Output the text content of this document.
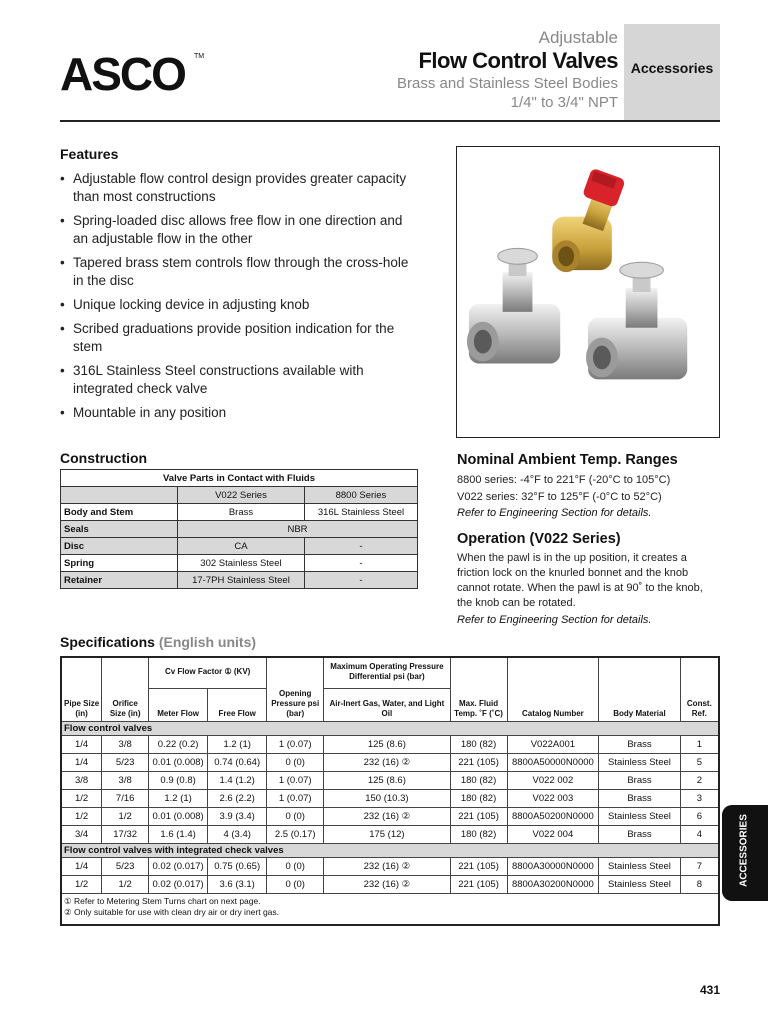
ASCO TM
Adjustable
Flow Control Valves
Brass and Stainless Steel Bodies
1/4" to 3/4" NPT
Accessories
Features
• Adjustable flow control design provides greater capacity than most constructions
• Spring-loaded disc allows free flow in one direction and an adjustable flow in the other
• Tapered brass stem controls flow through the cross-hole in the disc
• Unique locking device in adjusting knob
• Scribed graduations provide position indication for the stem
• 316L Stainless Steel constructions available with integrated check valve
• Mountable in any position
Construction
Valve Parts in Contact with Fluids		
	V022 Series	8800 Series
Body and Stem	Brass	316L Stainless Steel
Seals	NBR	
Disc	CA	-
Spring	302 Stainless Steel	-
Retainer	17-7PH Stainless Steel	-
Nominal Ambient Temp. Ranges
8800 series: -4°F to 221°F (-20°C to 105°C)
V022 series: 32°F to 125°F (-0°C to 52°C)
Refer to Engineering Section for details.
Operation (V022 Series)
When the pawl is in the up position, it creates a friction lock on the knurled bonnet and the knob cannot rotate. When the pawl is at 90˚ to the knob, the knob can be rotated.
Refer to Engineering Section for details.
Specifications (English units)
Pipe Size (in)	Orifice Size (in)	Cv Flow Factor ① (KV)		Opening Pressure psi (bar)	Maximum Operating Pressure Differential psi (bar)	Max. Fluid Temp. ˚F (˚C)	Catalog Number	Body Material	Const. Ref.
		Meter Flow	Free Flow		Air-Inert Gas, Water, and Light Oil				
Flow control valves									
1/4	3/8	0.22 (0.2)	1.2 (1)	1 (0.07)	125 (8.6)	180 (82)	V022A001	Brass	1
1/4	5/23	0.01 (0.008)	0.74 (0.64)	0 (0)	232 (16) ②	221 (105)	8800A50000N0000	Stainless Steel	5
3/8	3/8	0.9 (0.8)	1.4 (1.2)	1 (0.07)	125 (8.6)	180 (82)	V022 002	Brass	2
1/2	7/16	1.2 (1)	2.6 (2.2)	1 (0.07)	150 (10.3)	180 (82)	V022 003	Brass	3
1/2	1/2	0.01 (0.008)	3.9 (3.4)	0 (0)	232 (16) ②	221 (105)	8800A50200N0000	Stainless Steel	6
3/4	17/32	1.6 (1.4)	4 (3.4)	2.5 (0.17)	175 (12)	180 (82)	V022 004	Brass	4
Flow control valves with integrated check valves									
1/4	5/23	0.02 (0.017)	0.75 (0.65)	0 (0)	232 (16) ②	221 (105)	8800A30000N0000	Stainless Steel	7
1/2	1/2	0.02 (0.017)	3.6 (3.1)	0 (0)	232 (16) ②	221 (105)	8800A30200N0000	Stainless Steel	8

① Refer to Metering Stem Turns chart on next page.
② Only suitable for use with clean dry air or dry inert gas.									
ACCESSORIES
431
